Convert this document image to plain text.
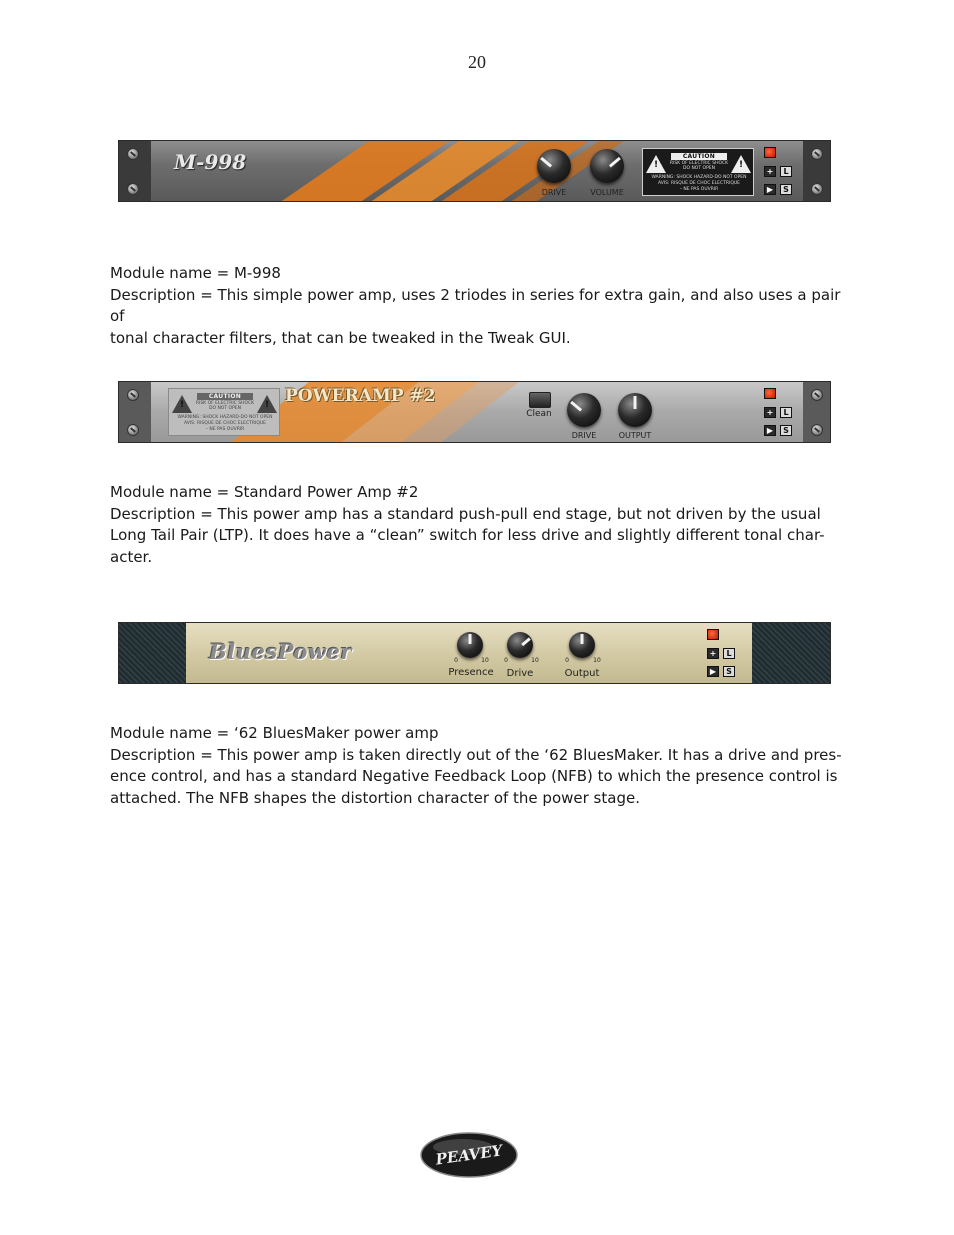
20
M-998
DRIVE	VOLUME
!
!
CAUTION
RISK OF ELECTRIC SHOCK
DO NOT OPEN
WARNING: SHOCK HAZARD-DO NOT OPEN
AVIS: RISQUE DE CHOC ELECTRIQUE
– NE PAS OUVRIR
+	L
▶	S

Module name = M-998

Description = This simple power amp, uses 2 triodes in series for extra gain, and also uses a pair of

tonal character filters, that can be tweaked in the Tweak GUI.

!
!
CAUTION
RISK OF ELECTRIC SHOCK
DO NOT OPEN
WARNING: SHOCK HAZARD-DO NOT OPEN
AVIS: RISQUE DE CHOC ELECTRIQUE
– NE PAS OUVRIR
POWERAMP #2
Clean
DRIVE	OUTPUT
+	L
▶	S

Module name = Standard Power Amp #2

Description = This power amp has a standard push-pull end stage, but not driven by the usual

Long Tail Pair (LTP). It does have a “clean” switch for less drive and slightly different tonal char-

acter.

BluesPower	0	10
Presence
0	10
Drive
0	10
Output
+	L
▶	S

Module name = ‘62 BluesMaker power amp

Description = This power amp is taken directly out of the ‘62 BluesMaker. It has a drive and pres-

ence control, and has a standard Negative Feedback Loop (NFB) to which the presence control is

attached. The NFB shapes the distortion character of the power stage.

PEAVEY
